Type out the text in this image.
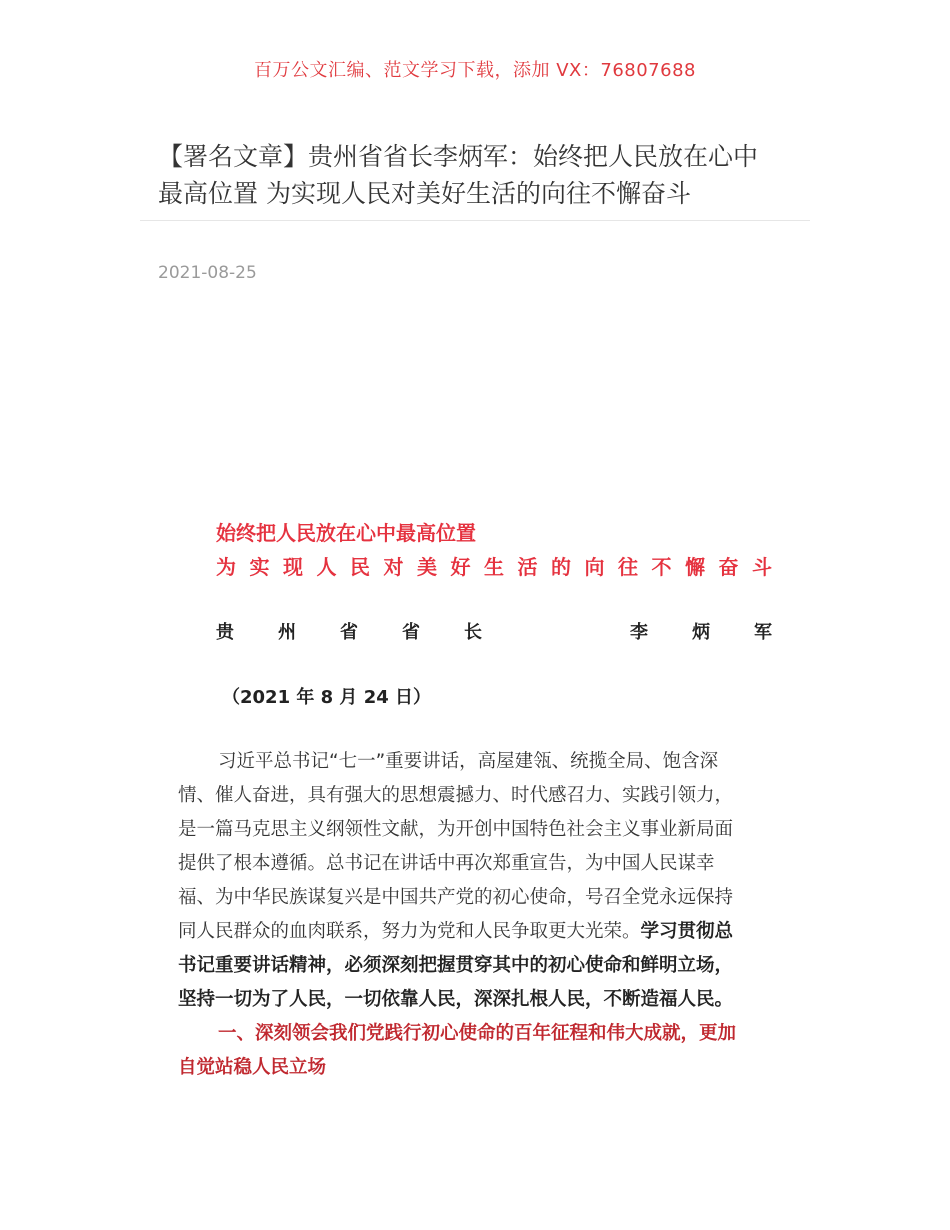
百万公文汇编、范文学习下载，添加 VX：76807688
【署名文章】贵州省省长李炳军：始终把人民放在心中
最高位置 为实现人民对美好生活的向往不懈奋斗
2021-08-25
始终把人民放在心中最高位置
为 实 现 人 民 对 美 好 生 活 的 向 往 不 懈 奋 斗
贵 州 省 省 长	李 炳 军
（2021 年 8 月 24 日）
习近平总书记“七一”重要讲话，高屋建瓴、统揽全局、饱含深
情、催人奋进，具有强大的思想震撼力、时代感召力、实践引领力，
是一篇马克思主义纲领性文献，为开创中国特色社会主义事业新局面
提供了根本遵循。总书记在讲话中再次郑重宣告，为中国人民谋幸
福、为中华民族谋复兴是中国共产党的初心使命，号召全党永远保持
同人民群众的血肉联系，努力为党和人民争取更大光荣。学习贯彻总
书记重要讲话精神，必须深刻把握贯穿其中的初心使命和鲜明立场，
坚持一切为了人民，一切依靠人民，深深扎根人民，不断造福人民。
一、深刻领会我们党践行初心使命的百年征程和伟大成就，更加
自觉站稳人民立场
